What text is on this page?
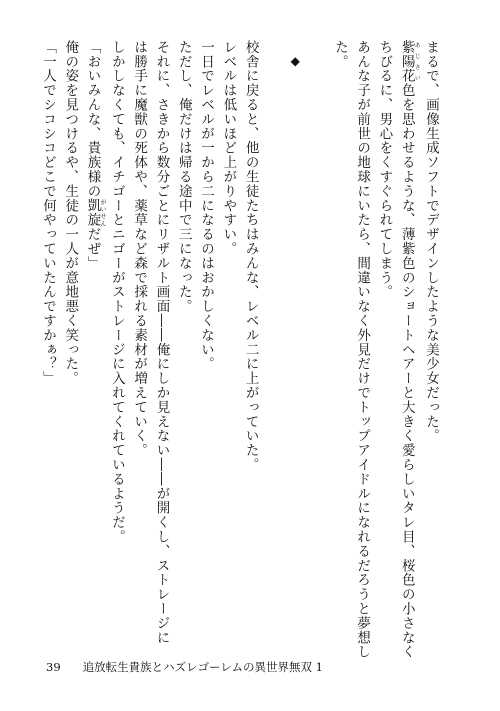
まるで、画像生成ソフトでデザインしたような美少女だった。
紫陽花あじさい色を思わせるような、薄紫色のショートヘアーと大きく愛らしいタレ目、桜色の小さなく
ちびるに、男心をくすぐられてしまう。
あんな子が前世の地球にいたら、間違いなく外見だけでトップアイドルになれるだろうと夢想し
た。
◆
校舎に戻ると、他の生徒たちはみんな、レベル二に上がっていた。
レベルは低いほど上がりやすい。
一日でレベルが一から二になるのはおかしくない。
ただし、俺だけは帰る途中で三になった。
それに、さきから数分ごとにリザルト画面――俺にしか見えない――が開くし、ストレージに
は勝手に魔獣の死体や、薬草など森で採れる素材が増えていく。
しかしなくても、イチゴーとニゴーがストレージに入れてくれているようだ。
「おいみんな、貴族様の凱旋がいせんだぜ」
俺の姿を見つけるや、生徒の一人が意地悪く笑った。
「一人でシコシコどこで何やっていたんですかぁ？」
39 追放転生貴族とハズレゴーレムの異世界無双 1
